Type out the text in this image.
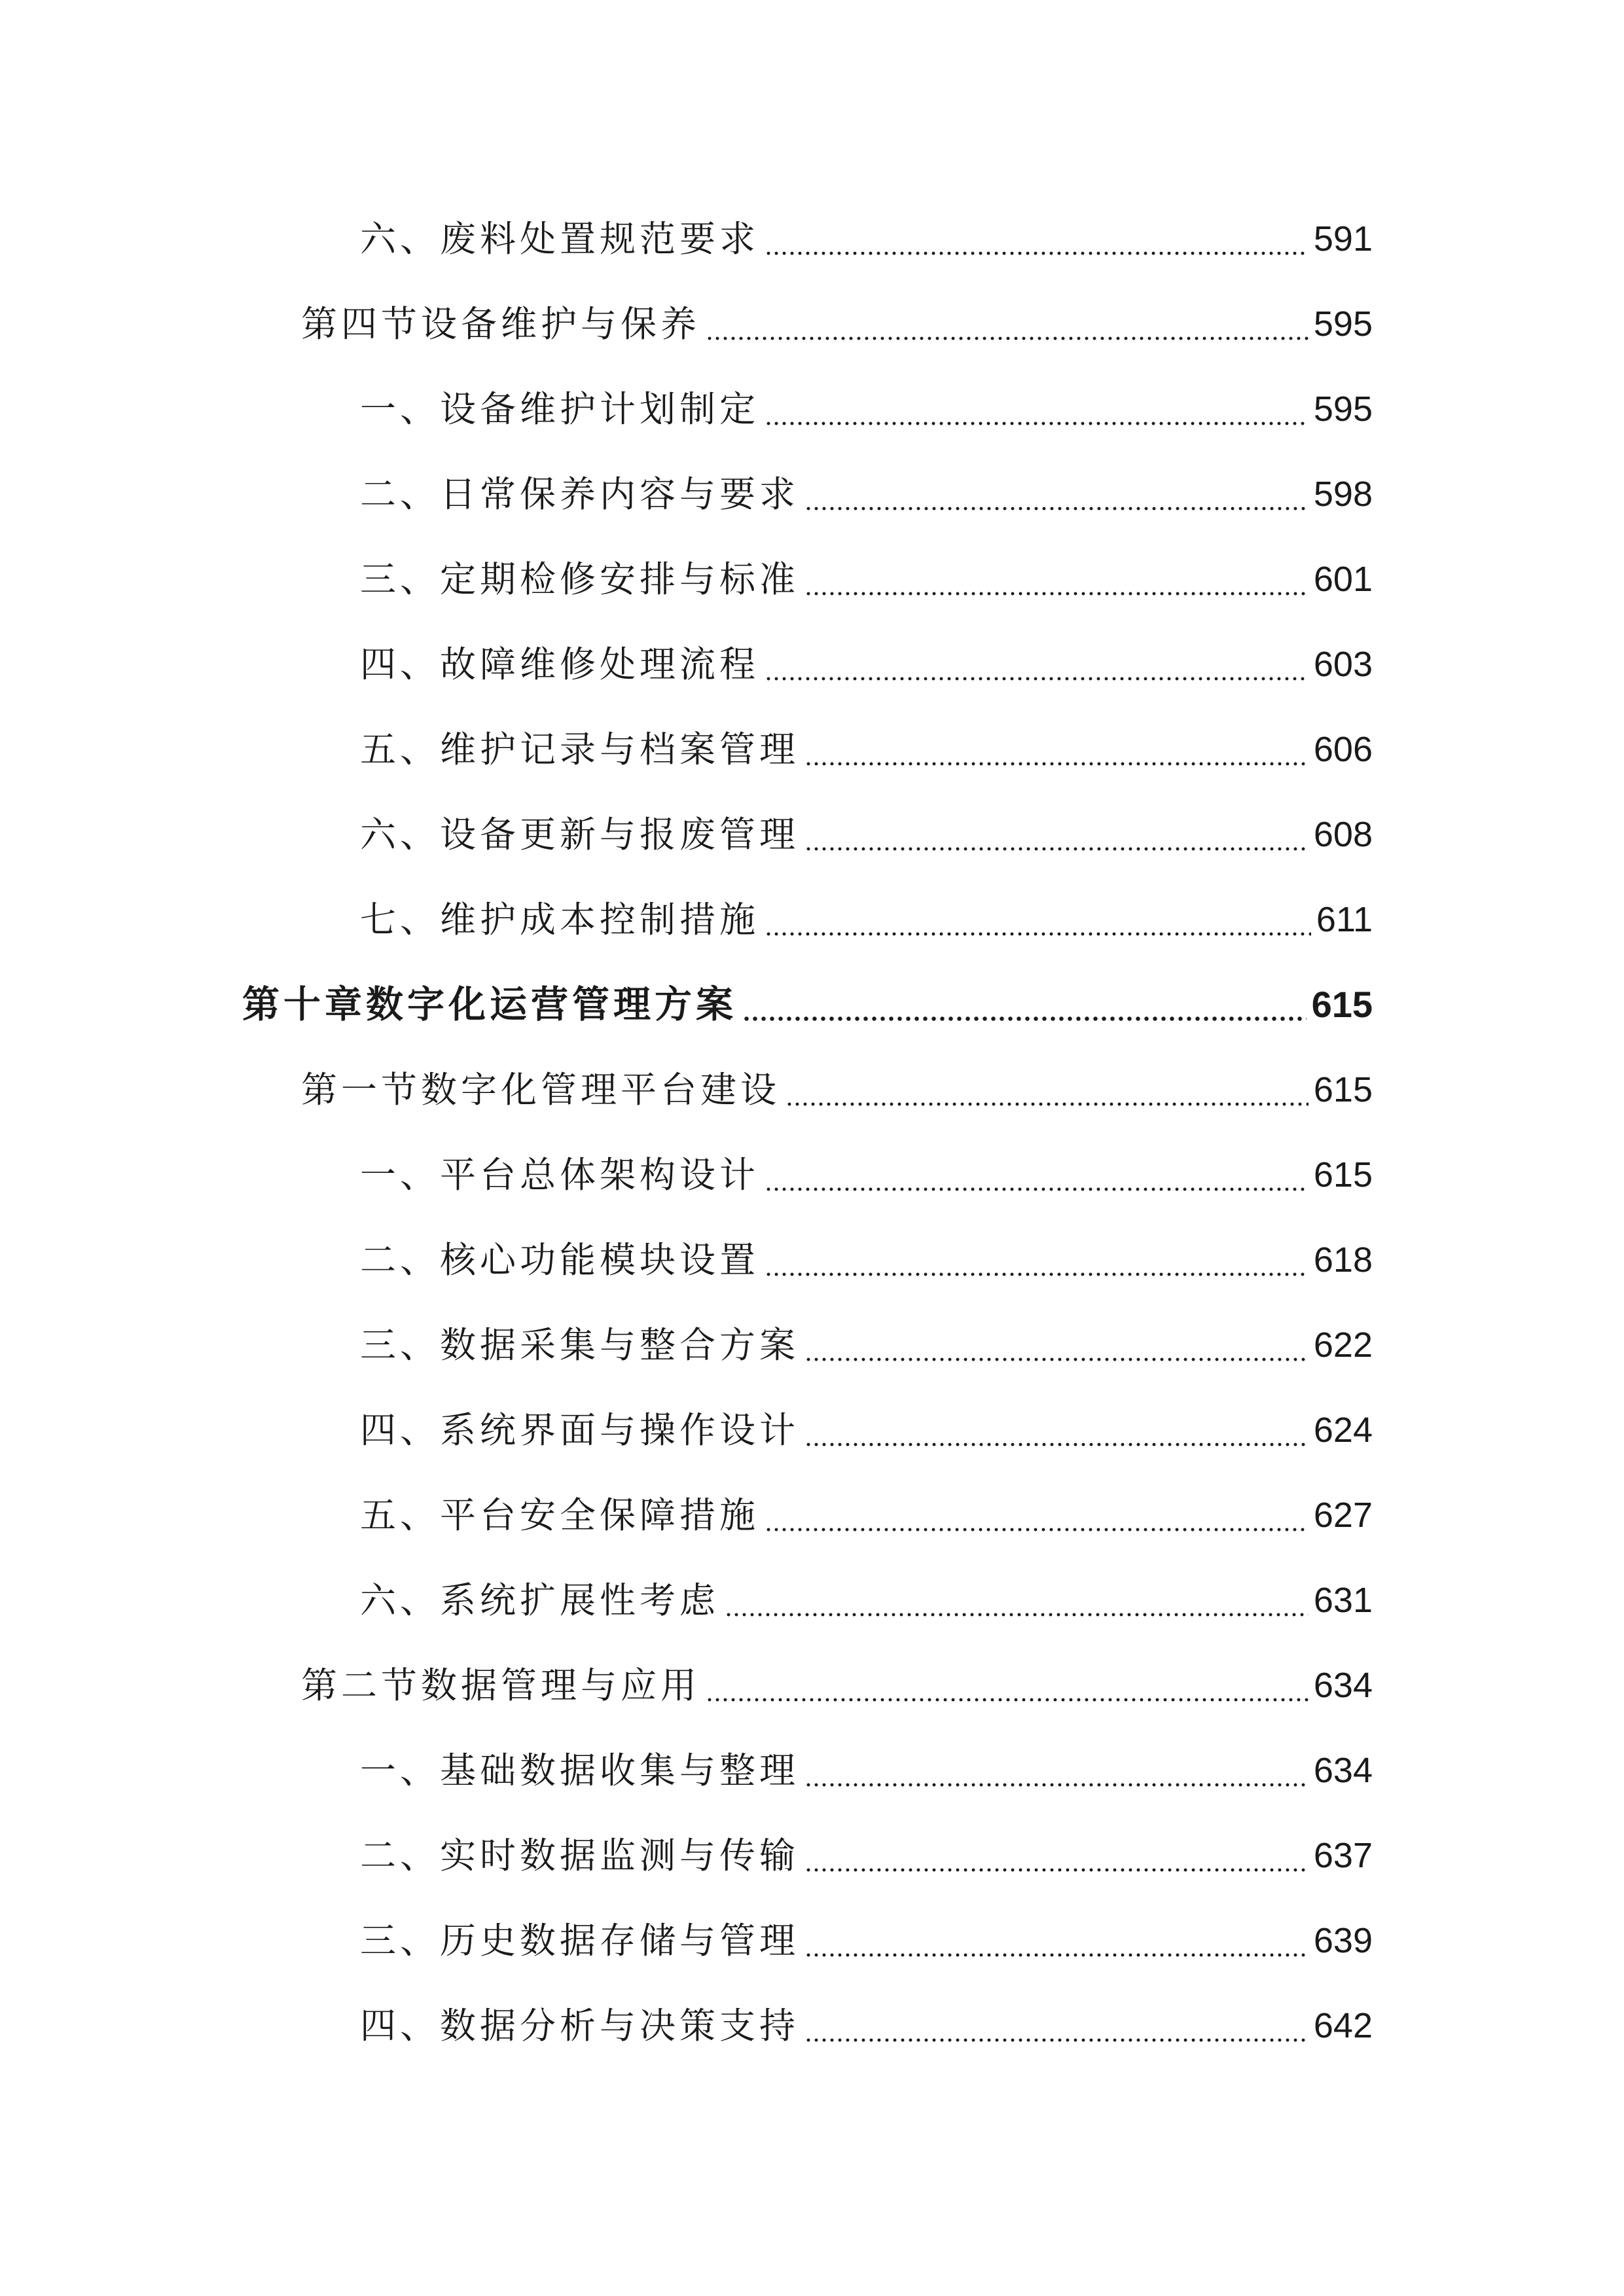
六、废料处置规范要求	591
第四节设备维护与保养	595
一、设备维护计划制定	595
二、日常保养内容与要求	598
三、定期检修安排与标准	601
四、故障维修处理流程	603
五、维护记录与档案管理	606
六、设备更新与报废管理	608
七、维护成本控制措施	611
第十章数字化运营管理方案	615
第一节数字化管理平台建设	615
一、平台总体架构设计	615
二、核心功能模块设置	618
三、数据采集与整合方案	622
四、系统界面与操作设计	624
五、平台安全保障措施	627
六、系统扩展性考虑	631
第二节数据管理与应用	634
一、基础数据收集与整理	634
二、实时数据监测与传输	637
三、历史数据存储与管理	639
四、数据分析与决策支持	642
